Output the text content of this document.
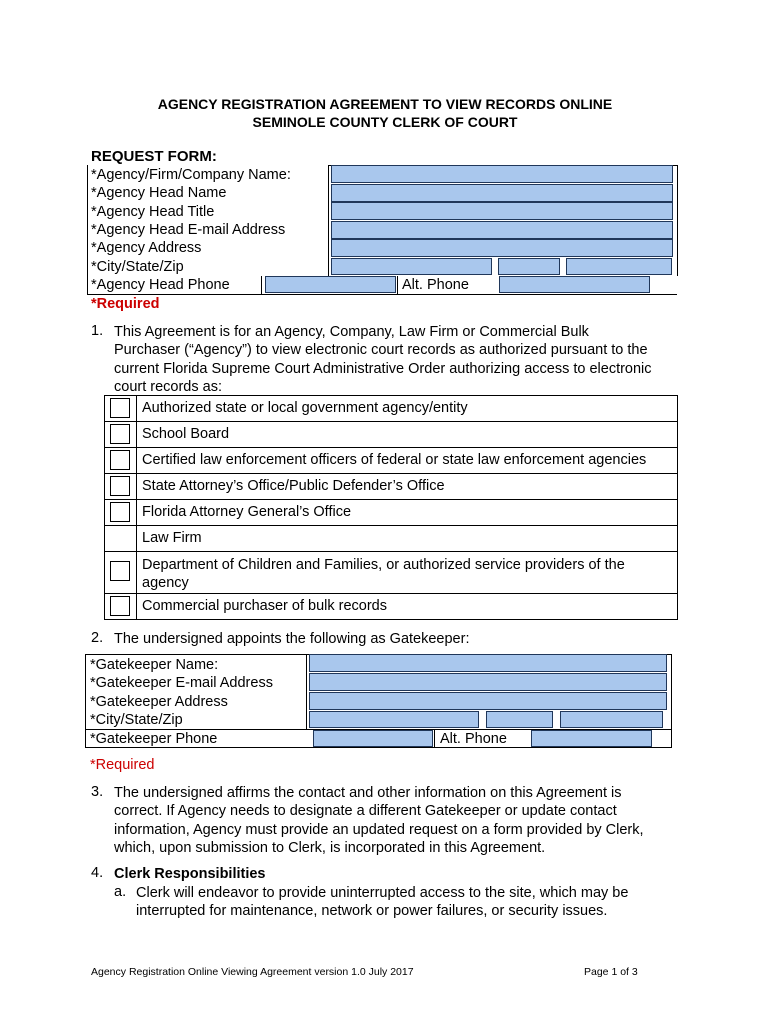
AGENCY REGISTRATION AGREEMENT TO VIEW RECORDS ONLINE
SEMINOLE COUNTY CLERK OF COURT
REQUEST FORM:
*Agency/Firm/Company Name:
*Agency Head Name
*Agency Head Title
*Agency Head E-mail Address
*Agency Address
*City/State/Zip
*Agency Head Phone	Alt. Phone
*Required
1. This Agreement is for an Agency, Company, Law Firm or Commercial Bulk
Purchaser (“Agency”) to view electronic court records as authorized pursuant to the
current Florida Supreme Court Administrative Order authorizing access to electronic
court records as:
Authorized state or local government agency/entity
School Board
Certified law enforcement officers of federal or state law enforcement agencies
State Attorney’s Office/Public Defender’s Office
Florida Attorney General’s Office
Law Firm
Department of Children and Families, or authorized service providers of the
agency
Commercial purchaser of bulk records
2. The undersigned appoints the following as Gatekeeper:
*Gatekeeper Name:
*Gatekeeper E-mail Address
*Gatekeeper Address
*City/State/Zip
*Gatekeeper Phone	Alt. Phone
*Required
3. The undersigned affirms the contact and other information on this Agreement is
correct. If Agency needs to designate a different Gatekeeper or update contact
information, Agency must provide an updated request on a form provided by Clerk,
which, upon submission to Clerk, is incorporated in this Agreement.
4. Clerk Responsibilities
a. Clerk will endeavor to provide uninterrupted access to the site, which may be
interrupted for maintenance, network or power failures, or security issues.
Agency Registration Online Viewing Agreement version 1.0 July 2017	Page 1 of 3
